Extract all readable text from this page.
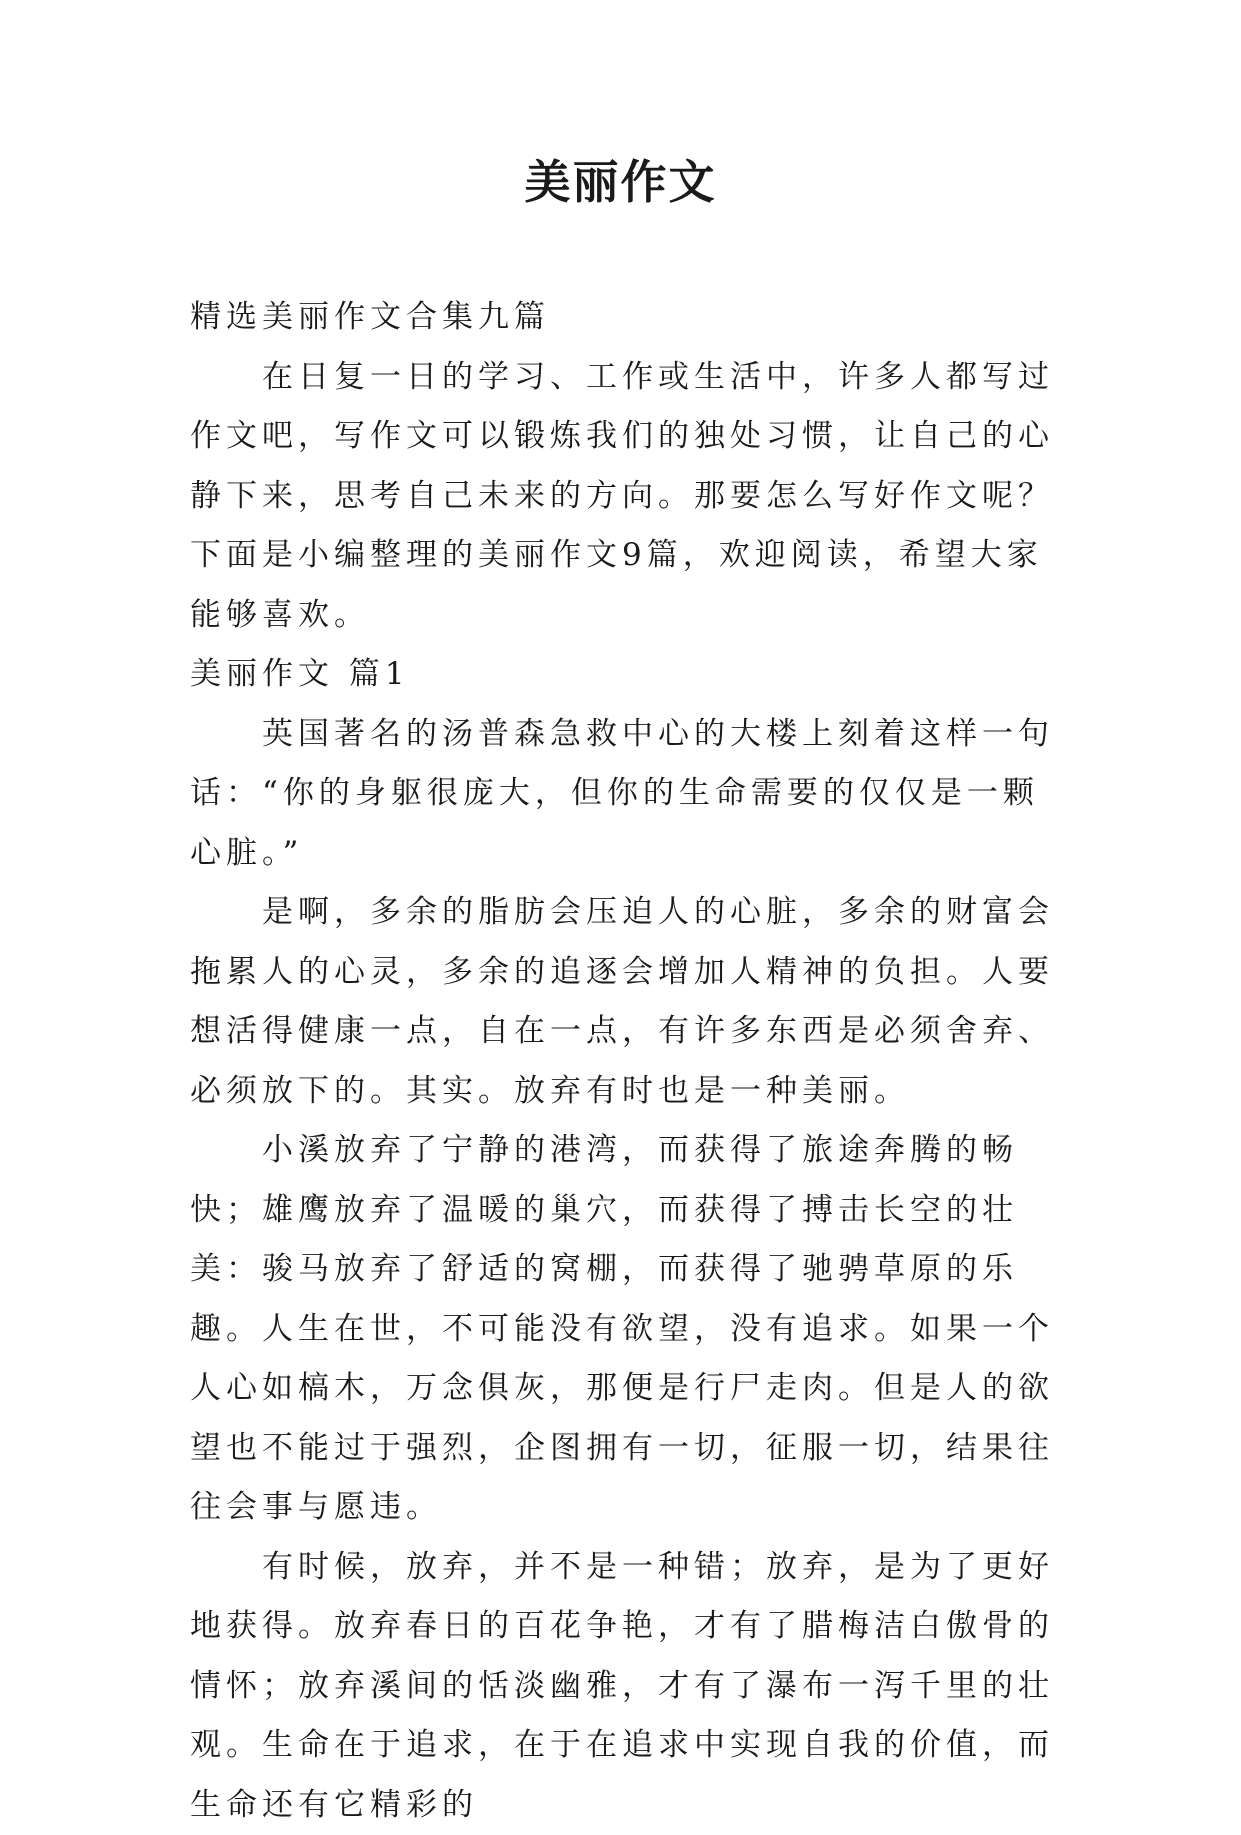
美丽作文

精选美丽作文合集九篇

在日复一日的学习、工作或生活中，许多人都写过作文吧，写作文可以锻炼我们的独处习惯，让自己的心静下来，思考自己未来的方向。那要怎么写好作文呢？下面是小编整理的美丽作文9篇，欢迎阅读，希望大家能够喜欢。

美丽作文 篇1

英国著名的汤普森急救中心的大楼上刻着这样一句话：“你的身躯很庞大，但你的生命需要的仅仅是一颗心脏。”

是啊，多余的脂肪会压迫人的心脏，多余的财富会拖累人的心灵，多余的追逐会增加人精神的负担。人要想活得健康一点，自在一点，有许多东西是必须舍弃、必须放下的。其实。放弃有时也是一种美丽。

小溪放弃了宁静的港湾，而获得了旅途奔腾的畅快；雄鹰放弃了温暖的巢穴，而获得了搏击长空的壮美：骏马放弃了舒适的窝棚，而获得了驰骋草原的乐趣。人生在世，不可能没有欲望，没有追求。如果一个人心如槁木，万念俱灰，那便是行尸走肉。但是人的欲望也不能过于强烈，企图拥有一切，征服一切，结果往往会事与愿违。

有时候，放弃，并不是一种错；放弃，是为了更好地获得。放弃春日的百花争艳，才有了腊梅洁白傲骨的情怀；放弃溪间的恬淡幽雅，才有了瀑布一泻千里的壮观。生命在于追求，在于在追求中实现自我的价值，而生命还有它精彩的
